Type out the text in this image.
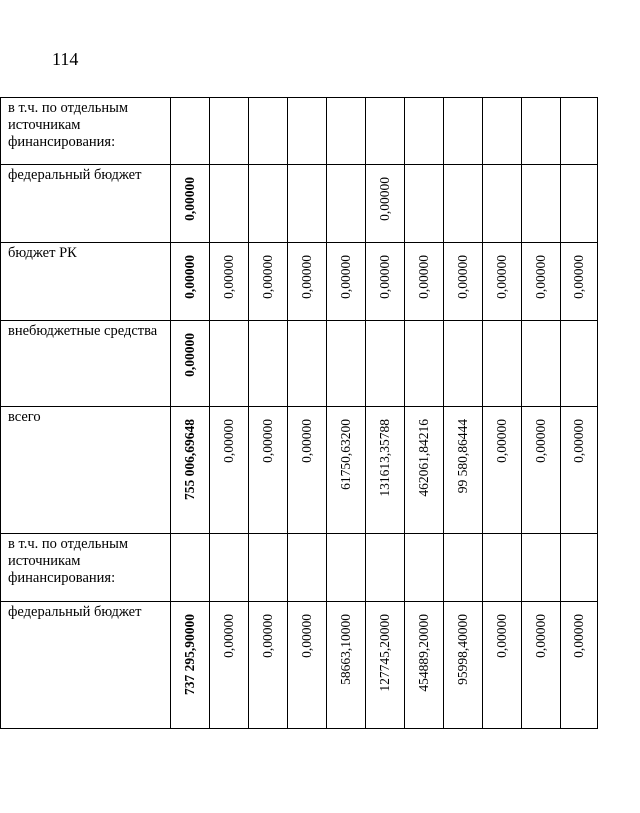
114
в т.ч. по отдельным источникам финансирования:	

федеральный бюджет	0,00000					0,00000					

бюджет РК	0,00000	0,00000	0,00000	0,00000	0,00000	0,00000	0,00000	0,00000	0,00000	0,00000	0,00000

внебюджетные средства	0,00000										

всего	755 006,69648	0,00000	0,00000	0,00000	61750,63200	131613,35788	462061,84216	99 580,86444	0,00000	0,00000	0,00000

в т.ч. по отдельным источникам финансирования:	

федеральный бюджет	737 295,90000	0,00000	0,00000	0,00000	58663,10000	127745,20000	454889,20000	95998,40000	0,00000	0,00000	0,00000
